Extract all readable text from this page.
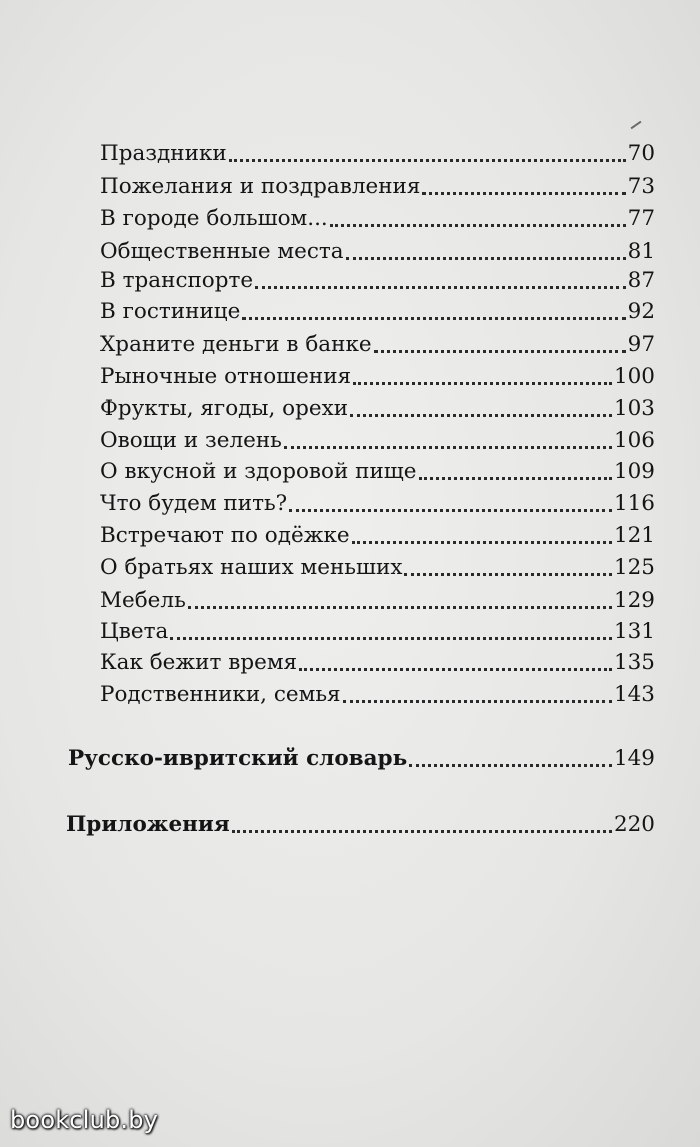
Праздники	70
Пожелания и поздравления	73
В городе большом...	77
Общественные места	81
В транспорте	87
В гостинице	92
Храните деньги в банке	97
Рыночные отношения	100
Фрукты, ягоды, орехи	103
Овощи и зелень	106
О вкусной и здоровой пище	109
Что будем пить?	116
Встречают по одёжке	121
О братьях наших меньших	125
Мебель	129
Цвета	131
Как бежит время	135
Родственники, семья	143
Русско-ивритский словарь	149
Приложения	220
bookclub.by
